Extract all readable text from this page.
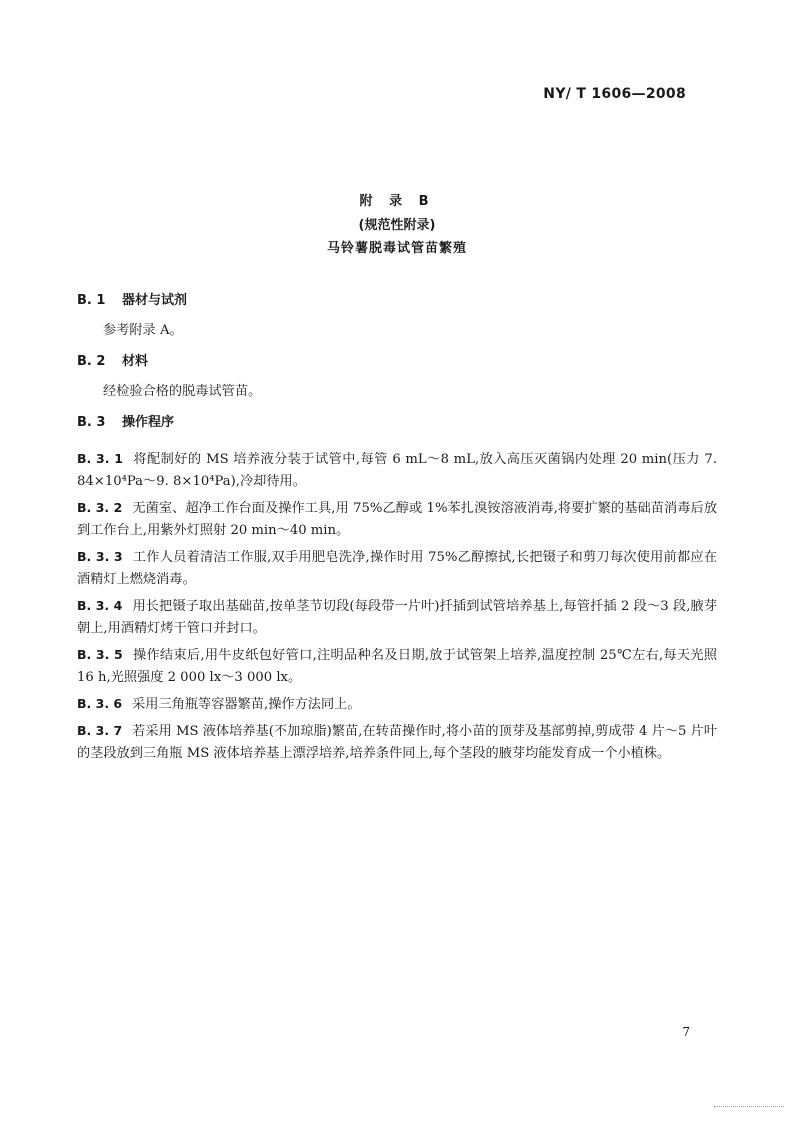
NY/ T 1606—2008
附 录 B
(规范性附录)
马铃薯脱毒试管苗繁殖
B. 1 器材与试剂
参考附录 A。
B. 2 材料
经检验合格的脱毒试管苗。
B. 3 操作程序
B. 3. 1 将配制好的 MS 培养液分装于试管中,每管 6 mL～8 mL,放入高压灭菌锅内处理 20 min(压力 7. 84×10⁴Pa～9. 8×10⁴Pa),冷却待用。
B. 3. 2 无菌室、超净工作台面及操作工具,用 75%乙醇或 1%苯扎溴铵溶液消毒,将要扩繁的基础苗消毒后放到工作台上,用紫外灯照射 20 min～40 min。
B. 3. 3 工作人员着清洁工作服,双手用肥皂洗净,操作时用 75%乙醇擦拭,长把镊子和剪刀每次使用前都应在酒精灯上燃烧消毒。
B. 3. 4 用长把镊子取出基础苗,按单茎节切段(每段带一片叶)扦插到试管培养基上,每管扦插 2 段～3 段,腋芽朝上,用酒精灯烤干管口并封口。
B. 3. 5 操作结束后,用牛皮纸包好管口,注明品种名及日期,放于试管架上培养,温度控制 25℃左右,每天光照 16 h,光照强度 2 000 lx～3 000 lx。
B. 3. 6 采用三角瓶等容器繁苗,操作方法同上。
B. 3. 7 若采用 MS 液体培养基(不加琼脂)繁苗,在转苗操作时,将小苗的顶芽及基部剪掉,剪成带 4 片～5 片叶的茎段放到三角瓶 MS 液体培养基上漂浮培养,培养条件同上,每个茎段的腋芽均能发育成一个小植株。
7
